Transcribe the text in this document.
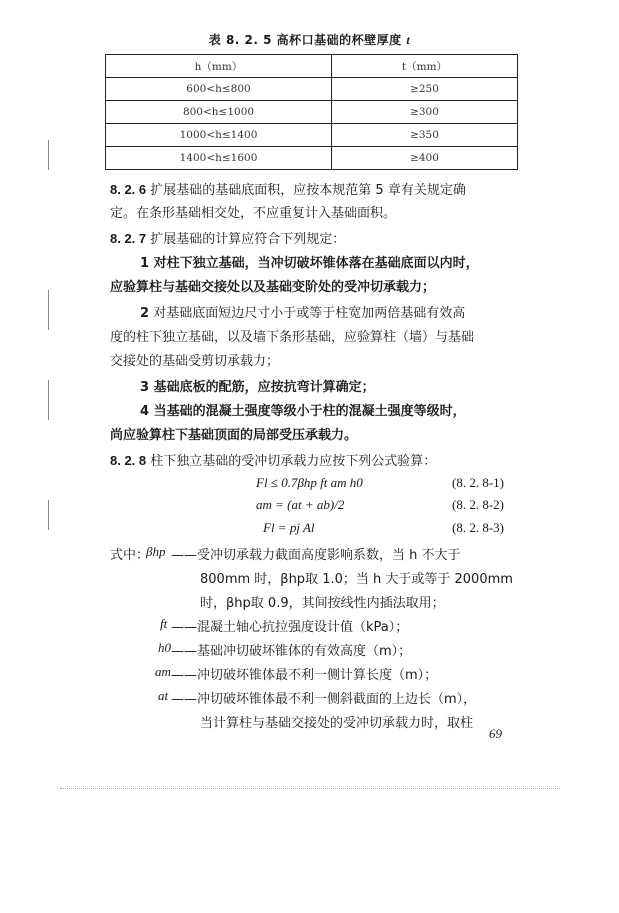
表 8. 2. 5 高杯口基础的杯壁厚度 t
h（mm）	t（mm）
600<h≤800	≥250
800<h≤1000	≥300
1000<h≤1400	≥350
1400<h≤1600	≥400
8. 2. 6 扩展基础的基础底面积，应按本规范第 5 章有关规定确
定。在条形基础相交处，不应重复计入基础面积。
8. 2. 7 扩展基础的计算应符合下列规定：
1 对柱下独立基础，当冲切破坏锥体落在基础底面以内时，
应验算柱与基础交接处以及基础变阶处的受冲切承载力；
2 对基础底面短边尺寸小于或等于柱宽加两倍基础有效高
度的柱下独立基础，以及墙下条形基础，应验算柱（墙）与基础
交接处的基础受剪切承载力；
3 基础底板的配筋，应按抗弯计算确定；
4 当基础的混凝土强度等级小于柱的混凝土强度等级时，
尚应验算柱下基础顶面的局部受压承载力。
8. 2. 8 柱下独立基础的受冲切承载力应按下列公式验算：
Fl ≤ 0.7βhp ft am h0	(8. 2. 8-1)
am = (at + ab)/2	(8. 2. 8-2)
Fl = pj Al	(8. 2. 8-3)
式中：
βhp ——受冲切承载力截面高度影响系数，当 h 不大于
800mm 时，βhp取 1.0；当 h 大于或等于 2000mm
时，βhp取 0.9，其间按线性内插法取用；
ft ——混凝土轴心抗拉强度设计值（kPa）；
h0 ——基础冲切破坏锥体的有效高度（m）；
am ——冲切破坏锥体最不利一侧计算长度（m）；
at ——冲切破坏锥体最不利一侧斜截面的上边长（m），
当计算柱与基础交接处的受冲切承载力时，取柱
69
